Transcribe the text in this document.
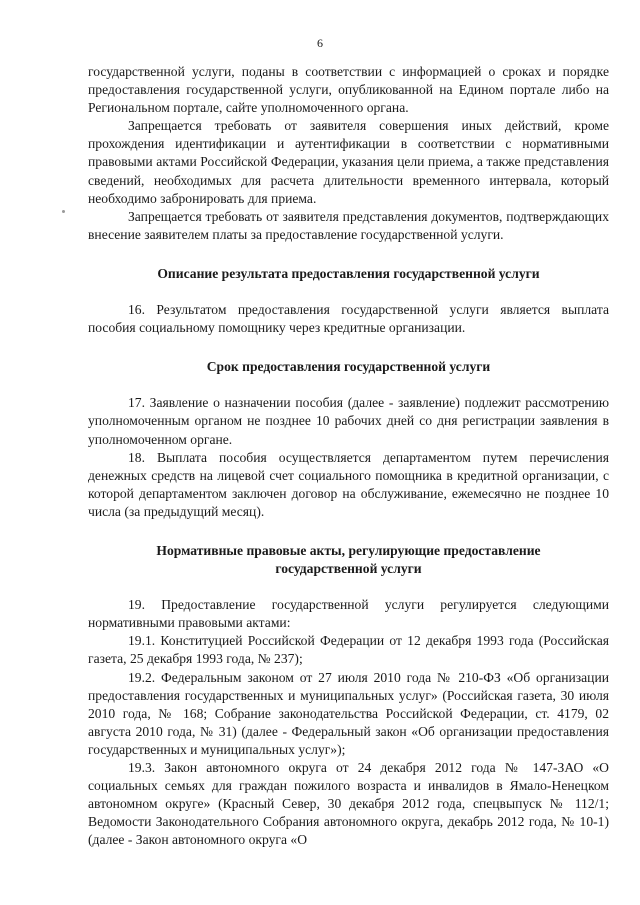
6

государственной услуги, поданы в соответствии с информацией о сроках и порядке предоставления государственной услуги, опубликованной на Едином портале либо на Региональном портале, сайте уполномоченного органа.

Запрещается требовать от заявителя совершения иных действий, кроме прохождения идентификации и аутентификации в соответствии с нормативными правовыми актами Российской Федерации, указания цели приема, а также представления сведений, необходимых для расчета длительности временного интервала, который необходимо забронировать для приема.

Запрещается требовать от заявителя представления документов, подтверждающих внесение заявителем платы за предоставление государственной услуги.

Описание результата предоставления государственной услуги

16. Результатом предоставления государственной услуги является выплата пособия социальному помощнику через кредитные организации.

Срок предоставления государственной услуги

17. Заявление о назначении пособия (далее - заявление) подлежит рассмотрению уполномоченным органом не позднее 10 рабочих дней со дня регистрации заявления в уполномоченном органе.

18. Выплата пособия осуществляется департаментом путем перечисления денежных средств на лицевой счет социального помощника в кредитной организации, с которой департаментом заключен договор на обслуживание, ежемесячно не позднее 10 числа (за предыдущий месяц).

Нормативные правовые акты, регулирующие предоставление
государственной услуги

19. Предоставление государственной услуги регулируется следующими нормативными правовыми актами:

19.1. Конституцией Российской Федерации от 12 декабря 1993 года (Российская газета, 25 декабря 1993 года, № 237);

19.2. Федеральным законом от 27 июля 2010 года № 210-ФЗ «Об организации предоставления государственных и муниципальных услуг» (Российская газета, 30 июля 2010 года, № 168; Собрание законодательства Российской Федерации, ст. 4179, 02 августа 2010 года, № 31) (далее - Федеральный закон «Об организации предоставления государственных и муниципальных услуг»);

19.3. Закон автономного округа от 24 декабря 2012 года № 147-ЗАО «О социальных семьях для граждан пожилого возраста и инвалидов в Ямало-Ненецком автономном округе» (Красный Север, 30 декабря 2012 года, спецвыпуск № 112/1; Ведомости Законодательного Собрания автономного округа, декабрь 2012 года, № 10-1) (далее - Закон автономного округа «О
